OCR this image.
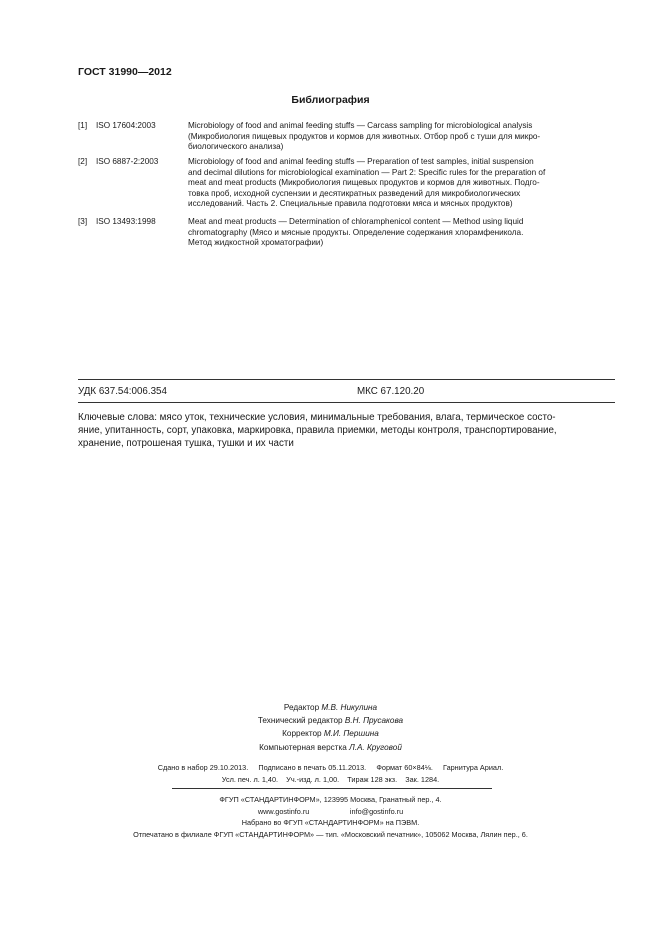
ГОСТ 31990—2012
Библиография
[1] ISO 17604:2003	Microbiology of food and animal feeding stuffs — Carcass sampling for microbiological analysis
(Микробиология пищевых продуктов и кормов для животных. Отбор проб с туши для микро-
биологического анализа)
[2] ISO 6887-2:2003	Microbiology of food and animal feeding stuffs — Preparation of test samples, initial suspension
and decimal dilutions for microbiological examination — Part 2: Specific rules for the preparation of
meat and meat products (Микробиология пищевых продуктов и кормов для животных. Подго-
товка проб, исходной суспензии и десятикратных разведений для микробиологических
исследований. Часть 2. Специальные правила подготовки мяса и мясных продуктов)
[3] ISO 13493:1998	Meat and meat products — Determination of chloramphenicol content — Method using liquid
chromatography (Мясо и мясные продукты. Определение содержания хлорамфеникола.
Метод жидкостной хроматографии)
УДК 637.54:006.354	МКС 67.120.20
Ключевые слова: мясо уток, технические условия, минимальные требования, влага, термическое состо-
яние, упитанность, сорт, упаковка, маркировка, правила приемки, методы контроля, транспортирование,
хранение, потрошеная тушка, тушки и их части
Редактор М.В. Никулина
Технический редактор В.Н. Прусакова
Корректор М.И. Першина
Компьютерная верстка Л.А. Круговой
Сдано в набор 29.10.2013.     Подписано в печать 05.11.2013.     Формат 60×84⅛.     Гарнитура Ариал.
Усл. печ. л. 1,40.    Уч.-изд. л. 1,00.    Тираж 128 экз.    Зак. 1284.
ФГУП «СТАНДАРТИНФОРМ», 123995 Москва, Гранатный пер., 4.
www.gostinfo.ru                    info@gostinfo.ru
Набрано во ФГУП «СТАНДАРТИНФОРМ» на ПЭВМ.
Отпечатано в филиале ФГУП «СТАНДАРТИНФОРМ» — тип. «Московский печатник», 105062 Москва, Лялин пер., 6.
